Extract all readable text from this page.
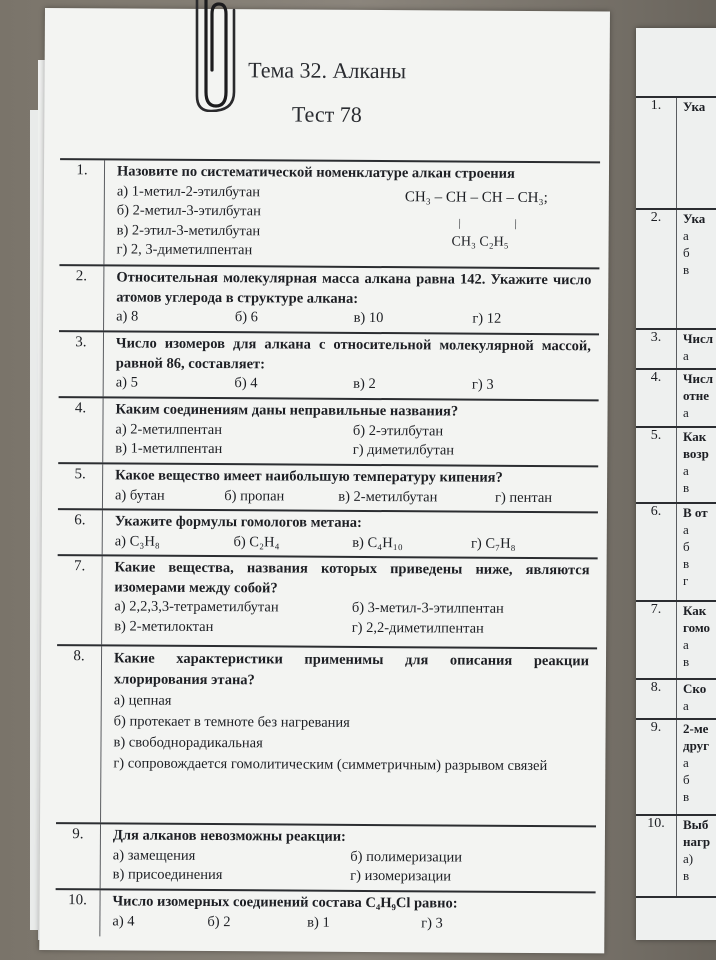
1.	Ука
2.	Ука
а
б
в
3.	Числ
а
4.	Числ
отне
а
5.	Как
возр
а
в
6.	В от
а
б
в
г
7.	Как
гомо
а
в
8.	Ско
а
9.	2-ме
друг
а
б
в
10.	Выб
нагр
а)
в
Тема 32. Алканы
Тест 78
1.	Назовите по систематической номенклатуре алкан строения
а) 1-метил-2-этилбутан
б) 2-метил-3-этилбутан
в) 2-этил-3-метилбутан
г) 2, 3-диметилпентан
CH₃ – CH – CH – CH₃;
|	|
CH₃ C₂H₅
2.	Относительная молекулярная масса алкана равна 142. Укажите число атомов углерода в структуре алкана:
а) 8	б) 6	в) 10	г) 12
3.	Число изомеров для алкана с относительной молекулярной массой, равной 86, составляет:
а) 5	б) 4	в) 2	г) 3
4.	Каким соединениям даны неправильные названия?
а) 2-метилпентан	б) 2-этилбутан
в) 1-метилпентан	г) диметилбутан
5.	Какое вещество имеет наибольшую температуру кипения?
а) бутан	б) пропан	в) 2-метилбутан	г) пентан
6.	Укажите формулы гомологов метана:
а) C₃H₈	б) C₂H₄	в) C₄H₁₀	г) C₇H₈
7.	Какие вещества, названия которых приведены ниже, являются изомерами между собой?
а) 2,2,3,3-тетраметилбутан	б) 3-метил-3-этилпентан
в) 2-метилоктан	г) 2,2-диметилпентан
8.	Какие характеристики применимы для описания реакции хлорирования этана?
а) цепная
б) протекает в темноте без нагревания
в) свободнорадикальная
г) сопровождается гомолитическим (симметричным) разрывом связей
9.	Для алканов невозможны реакции:
а) замещения	б) полимеризации
в) присоединения	г) изомеризации
10.	Число изомерных соединений состава C₄H₉Cl равно:
а) 4	б) 2	в) 1	г) 3
